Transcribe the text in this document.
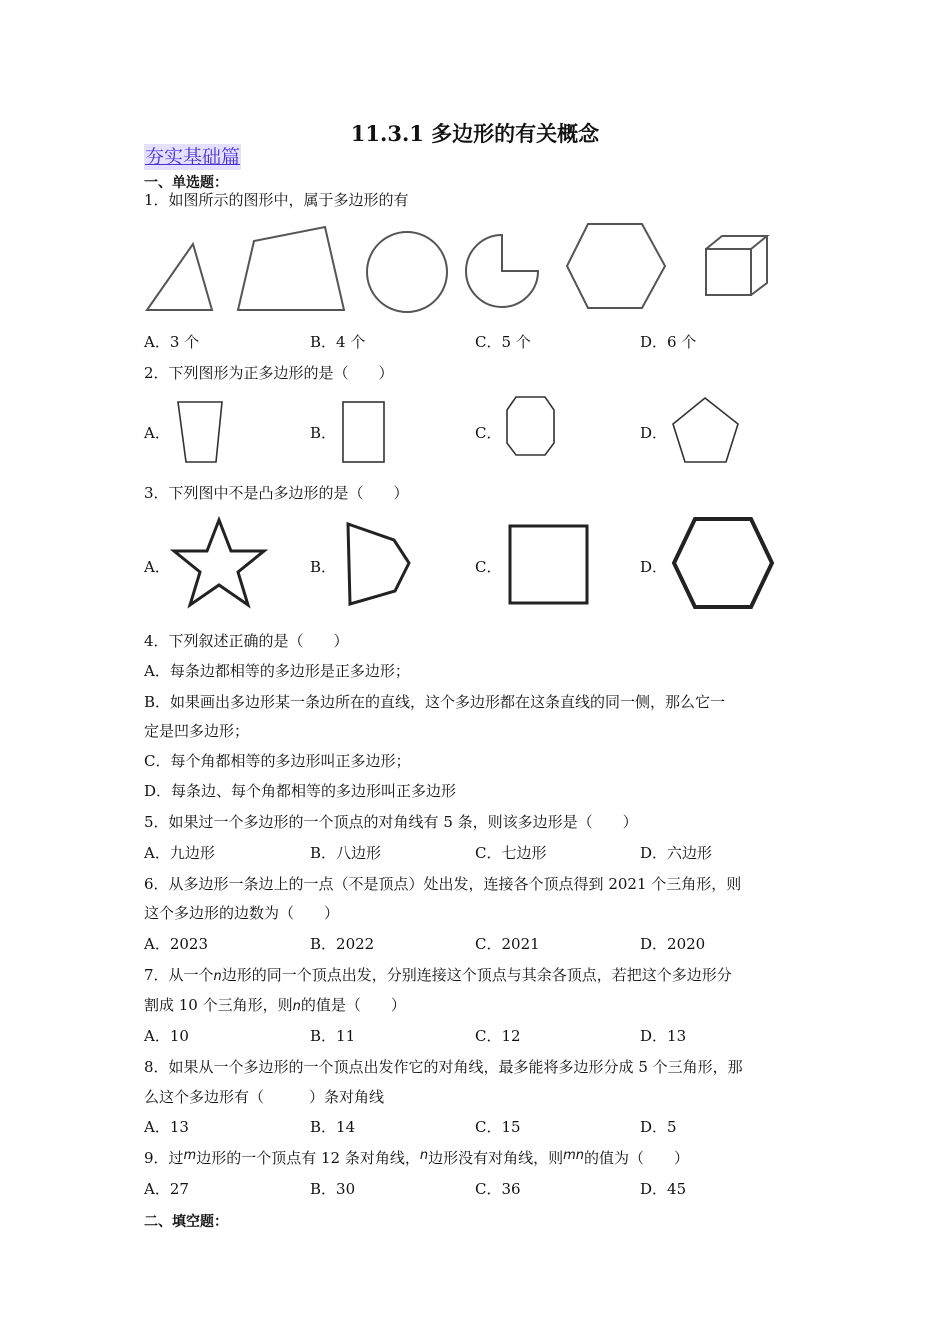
11.3.1 多边形的有关概念
夯实基础篇
一、单选题：
1．如图所示的图形中，属于多边形的有
A．3 个	B．4 个	C．5 个	D．6 个
2．下列图形为正多边形的是（　　）
A．	B．	C．	D．
3．下列图中不是凸多边形的是（　　）
A．	B．	C．	D．
4．下列叙述正确的是（　　）
A．每条边都相等的多边形是正多边形；
B．如果画出多边形某一条边所在的直线，这个多边形都在这条直线的同一侧，那么它一
定是凹多边形；
C．每个角都相等的多边形叫正多边形；
D．每条边、每个角都相等的多边形叫正多边形
5．如果过一个多边形的一个顶点的对角线有 5 条，则该多边形是（　　）
A．九边形	B．八边形	C．七边形	D．六边形
6．从多边形一条边上的一点（不是顶点）处出发，连接各个顶点得到 2021 个三角形，则
这个多边形的边数为（　　）
A．2023	B．2022	C．2021	D．2020
7．从一个n边形的同一个顶点出发，分别连接这个顶点与其余各顶点，若把这个多边形分
割成 10 个三角形，则n的值是（　　）
A．10	B．11	C．12	D．13
8．如果从一个多边形的一个顶点出发作它的对角线，最多能将多边形分成 5 个三角形，那
么这个多边形有（　　　）条对角线
A．13	B．14	C．15	D．5
9．过m边形的一个顶点有 12 条对角线，n边形没有对角线，则mn的值为（　　）
A．27	B．30	C．36	D．45
二、填空题：
